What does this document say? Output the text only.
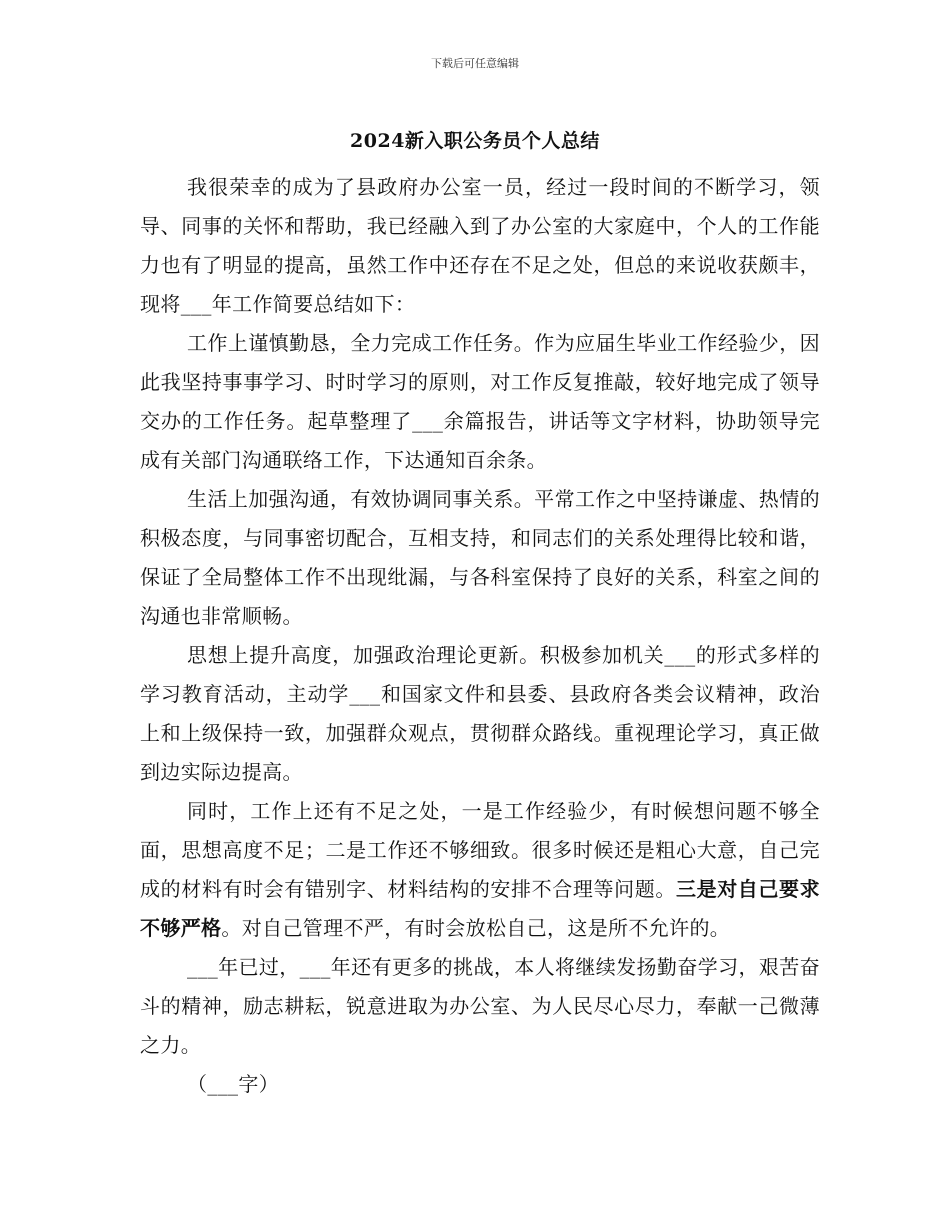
下载后可任意编辑
2024新入职公务员个人总结

我很荣幸的成为了县政府办公室一员，经过一段时间的不断学习，领导、同事的关怀和帮助，我已经融入到了办公室的大家庭中，个人的工作能力也有了明显的提高，虽然工作中还存在不足之处，但总的来说收获颇丰，现将___年工作简要总结如下：

工作上谨慎勤恳，全力完成工作任务。作为应届生毕业工作经验少，因此我坚持事事学习、时时学习的原则，对工作反复推敲，较好地完成了领导交办的工作任务。起草整理了___余篇报告，讲话等文字材料，协助领导完成有关部门沟通联络工作，下达通知百余条。

生活上加强沟通，有效协调同事关系。平常工作之中坚持谦虚、热情的积极态度，与同事密切配合，互相支持，和同志们的关系处理得比较和谐，保证了全局整体工作不出现纰漏，与各科室保持了良好的关系，科室之间的沟通也非常顺畅。

思想上提升高度，加强政治理论更新。积极参加机关___的形式多样的学习教育活动，主动学___和国家文件和县委、县政府各类会议精神，政治上和上级保持一致，加强群众观点，贯彻群众路线。重视理论学习，真正做到边实际边提高。

同时，工作上还有不足之处，一是工作经验少，有时候想问题不够全面，思想高度不足；二是工作还不够细致。很多时候还是粗心大意，自己完成的材料有时会有错别字、材料结构的安排不合理等问题。三是对自己要求不够严格。对自己管理不严，有时会放松自己，这是所不允许的。

___年已过，___年还有更多的挑战，本人将继续发扬勤奋学习，艰苦奋斗的精神，励志耕耘，锐意进取为办公室、为人民尽心尽力，奉献一己微薄之力。

（___字）
